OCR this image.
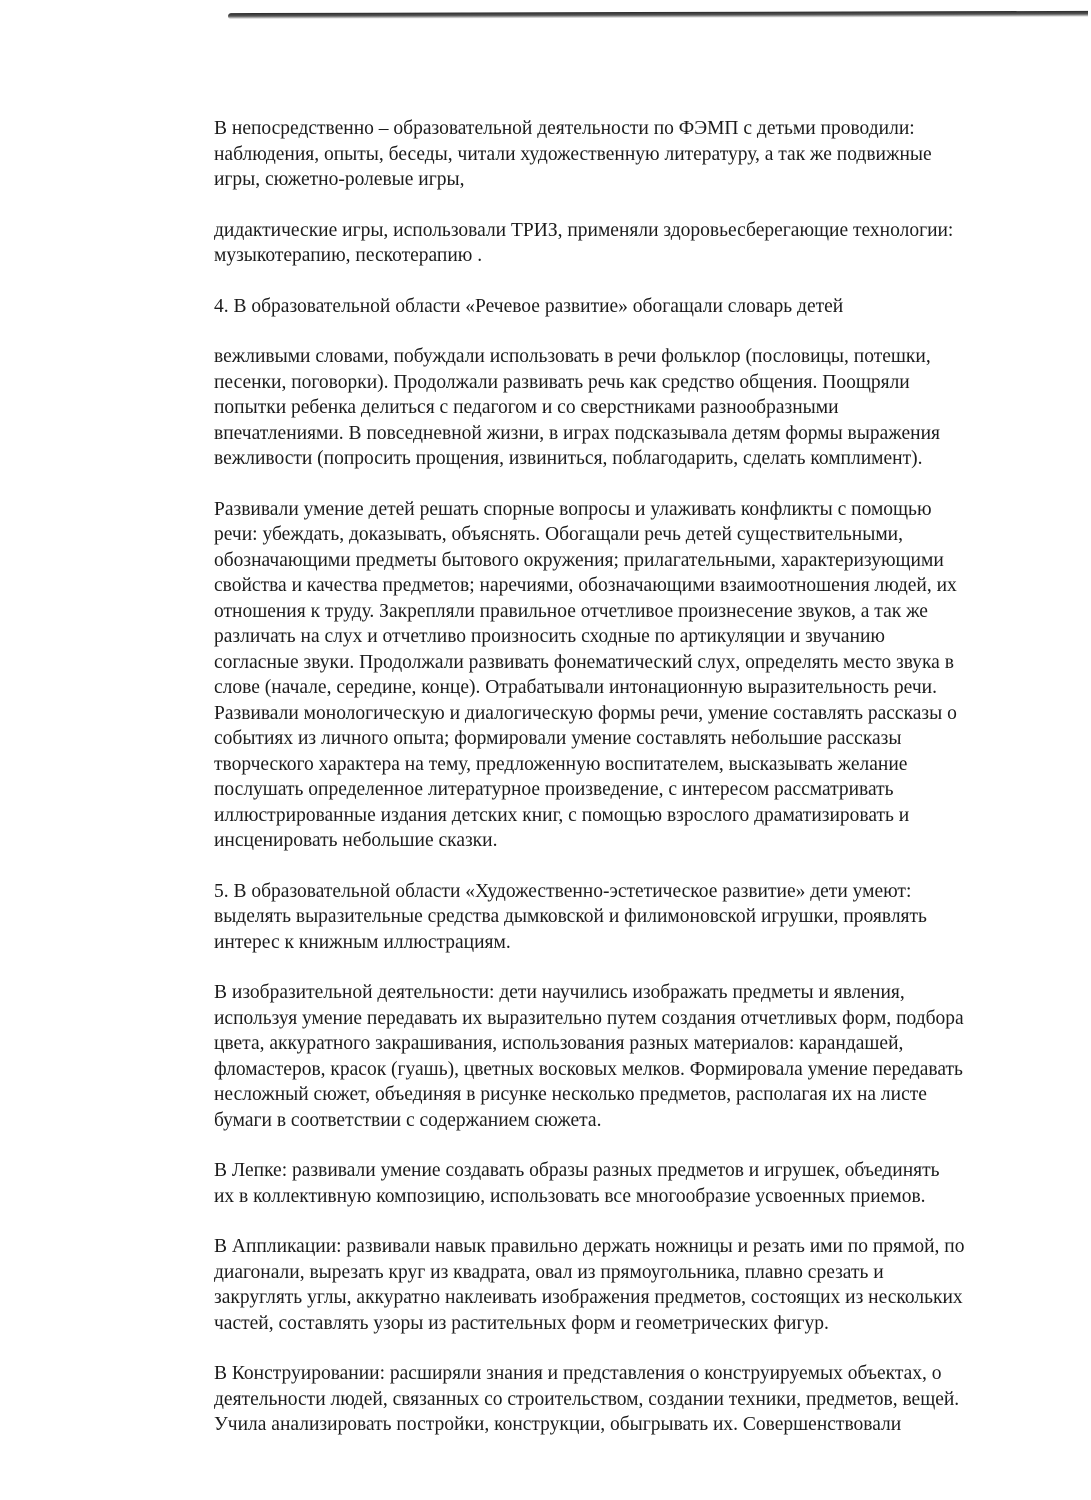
В непосредственно – образовательной деятельности по ФЭМП с детьми проводили:
наблюдения, опыты, беседы, читали художественную литературу, а так же подвижные
игры, сюжетно-ролевые игры,

дидактические игры, использовали ТРИЗ, применяли здоровьесберегающие технологии:
музыкотерапию, пескотерапию .

4. В образовательной области «Речевое развитие» обогащали словарь детей

вежливыми словами, побуждали использовать в речи фольклор (пословицы, потешки,
песенки, поговорки). Продолжали развивать речь как средство общения. Поощряли
попытки ребенка делиться с педагогом и со сверстниками разнообразными
впечатлениями. В повседневной жизни, в играх подсказывала детям формы выражения
вежливости (попросить прощения, извиниться, поблагодарить, сделать комплимент).

Развивали умение детей решать спорные вопросы и улаживать конфликты с помощью
речи: убеждать, доказывать, объяснять. Обогащали речь детей существительными,
обозначающими предметы бытового окружения; прилагательными, характеризующими
свойства и качества предметов; наречиями, обозначающими взаимоотношения людей, их
отношения к труду. Закрепляли правильное отчетливое произнесение звуков, а так же
различать на слух и отчетливо произносить сходные по артикуляции и звучанию
согласные звуки. Продолжали развивать фонематический слух, определять место звука в
слове (начале, середине, конце). Отрабатывали интонационную выразительность речи.
Развивали монологическую и диалогическую формы речи, умение составлять рассказы о
событиях из личного опыта; формировали умение составлять небольшие рассказы
творческого характера на тему, предложенную воспитателем, высказывать желание
послушать определенное литературное произведение, с интересом рассматривать
иллюстрированные издания детских книг, с помощью взрослого драматизировать и
инсценировать небольшие сказки.

5. В образовательной области «Художественно-эстетическое развитие» дети умеют:
выделять выразительные средства дымковской и филимоновской игрушки, проявлять
интерес к книжным иллюстрациям.

В изобразительной деятельности: дети научились изображать предметы и явления,
используя умение передавать их выразительно путем создания отчетливых форм, подбора
цвета, аккуратного закрашивания, использования разных материалов: карандашей,
фломастеров, красок (гуашь), цветных восковых мелков. Формировала умение передавать
несложный сюжет, объединяя в рисунке несколько предметов, располагая их на листе
бумаги в соответствии с содержанием сюжета.

В Лепке: развивали умение создавать образы разных предметов и игрушек, объединять
их в коллективную композицию, использовать все многообразие усвоенных приемов.

В Аппликации: развивали навык правильно держать ножницы и резать ими по прямой, по
диагонали, вырезать круг из квадрата, овал из прямоугольника, плавно срезать и
закруглять углы, аккуратно наклеивать изображения предметов, состоящих из нескольких
частей, составлять узоры из растительных форм и геометрических фигур.

В Конструировании: расширяли знания и представления о конструируемых объектах, о
деятельности людей, связанных со строительством, создании техники, предметов, вещей.
Учила анализировать постройки, конструкции, обыгрывать их. Совершенствовали
